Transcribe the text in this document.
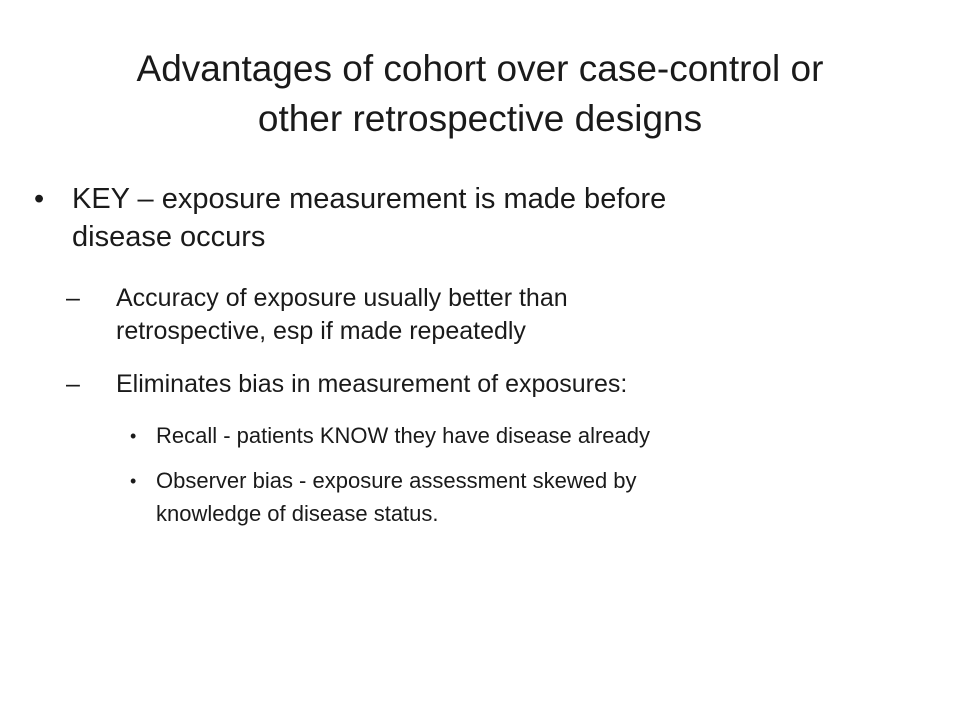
Advantages of cohort over case-control or
other retrospective designs
• KEY – exposure measurement is made before
disease occurs
–	Accuracy of exposure usually better than
retrospective, esp if made repeatedly
–	Eliminates bias in measurement of exposures:
• Recall - patients KNOW they have disease already
• Observer bias - exposure assessment skewed by
knowledge of disease status.
